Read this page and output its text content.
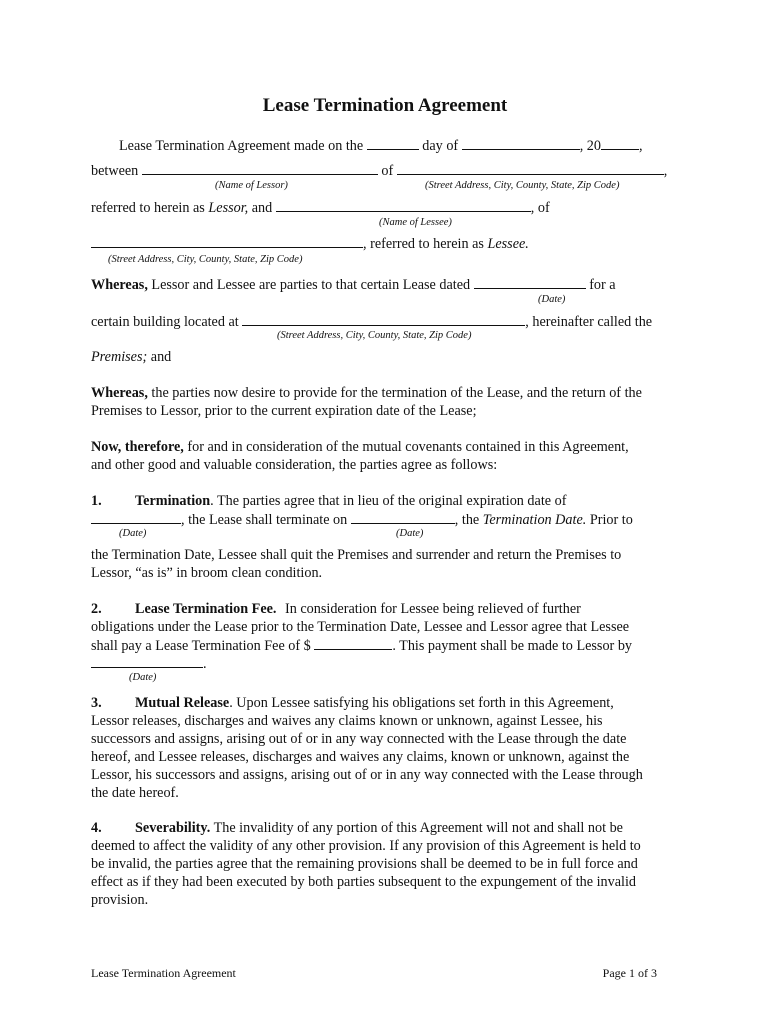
Lease Termination Agreement
Lease Termination Agreement made on the	day of	, 20	,
between	of	,
(Name of Lessor)	(Street Address, City, County, State, Zip Code)
referred to herein as Lessor, and	, of
(Name of Lessee)
, referred to herein as Lessee.
(Street Address, City, County, State, Zip Code)
Whereas, Lessor and Lessee are parties to that certain Lease dated	for a
(Date)
certain building located at	, hereinafter called the
(Street Address, City, County, State, Zip Code)
Premises; and
Whereas, the parties now desire to provide for the termination of the Lease, and the return of the
Premises to Lessor, prior to the current expiration date of the Lease;
Now, therefore, for and in consideration of the mutual covenants contained in this Agreement,
and other good and valuable consideration, the parties agree as follows:
1. Termination. The parties agree that in lieu of the original expiration date of
, the Lease shall terminate on	, the Termination Date. Prior to
(Date)	(Date)
the Termination Date, Lessee shall quit the Premises and surrender and return the Premises to
Lessor, “as is” in broom clean condition.
2. Lease Termination Fee. In consideration for Lessee being relieved of further
obligations under the Lease prior to the Termination Date, Lessee and Lessor agree that Lessee
shall pay a Lease Termination Fee of $	. This payment shall be made to Lessor by
.
(Date)
3. Mutual Release. Upon Lessee satisfying his obligations set forth in this Agreement,
Lessor releases, discharges and waives any claims known or unknown, against Lessee, his
successors and assigns, arising out of or in any way connected with the Lease through the date
hereof, and Lessee releases, discharges and waives any claims, known or unknown, against the
Lessor, his successors and assigns, arising out of or in any way connected with the Lease through
the date hereof.
4. Severability. The invalidity of any portion of this Agreement will not and shall not be
deemed to affect the validity of any other provision. If any provision of this Agreement is held to
be invalid, the parties agree that the remaining provisions shall be deemed to be in full force and
effect as if they had been executed by both parties subsequent to the expungement of the invalid
provision.
Lease Termination Agreement	Page 1 of 3
